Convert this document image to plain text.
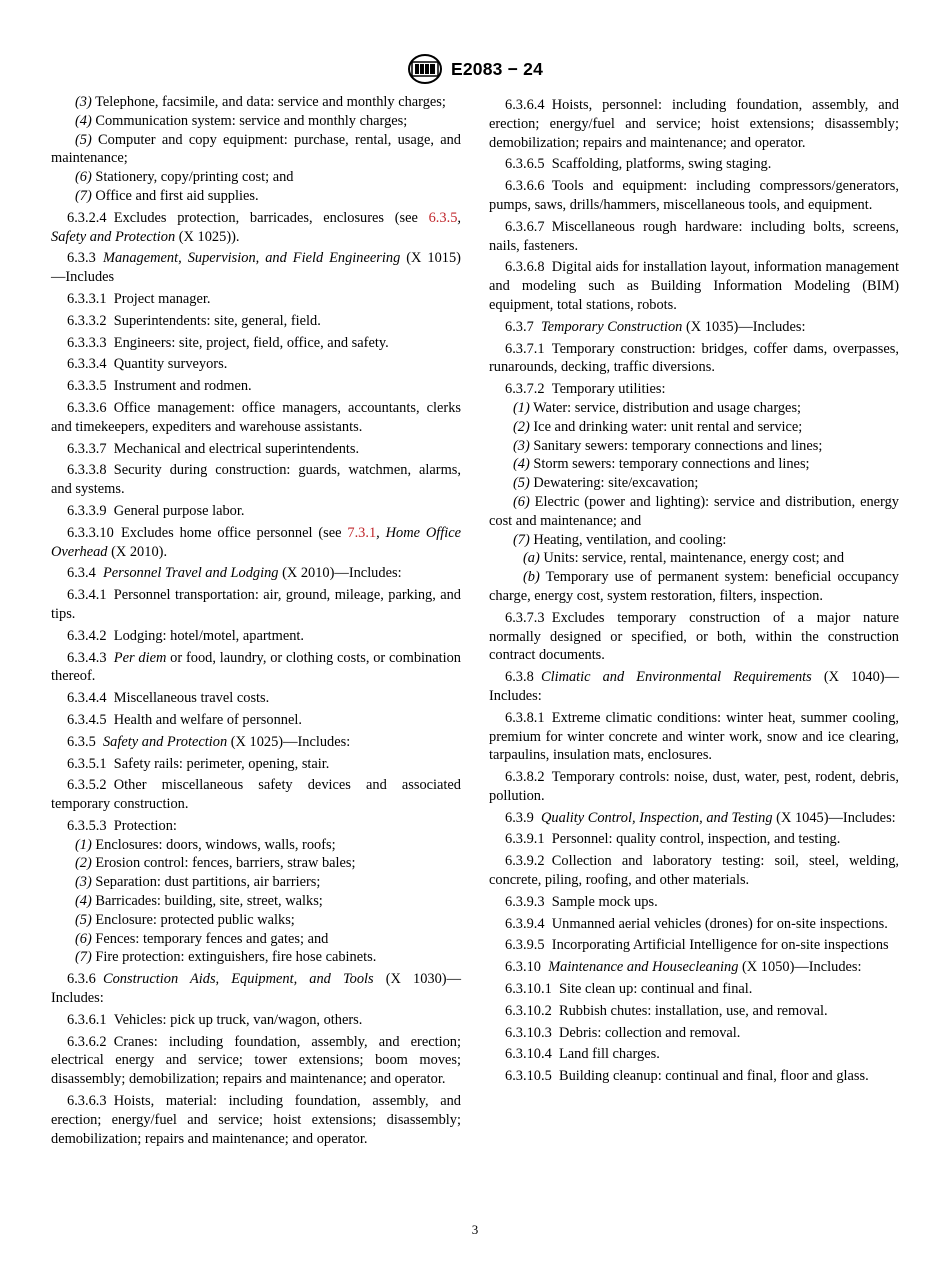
E2083 − 24

(3) Telephone, facsimile, and data: service and monthly charges;

(4) Communication system: service and monthly charges;

(5) Computer and copy equipment: purchase, rental, usage, and maintenance;

(6) Stationery, copy/printing cost; and

(7) Office and first aid supplies.

6.3.2.4  Excludes protection, barricades, enclosures (see 6.3.5, Safety and Protection (X 1025)).

6.3.3  Management, Supervision, and Field Engineering (X 1015)—Includes

6.3.3.1  Project manager.

6.3.3.2  Superintendents: site, general, field.

6.3.3.3  Engineers: site, project, field, office, and safety.

6.3.3.4  Quantity surveyors.

6.3.3.5  Instrument and rodmen.

6.3.3.6  Office management: office managers, accountants, clerks and timekeepers, expediters and warehouse assistants.

6.3.3.7  Mechanical and electrical superintendents.

6.3.3.8  Security during construction: guards, watchmen, alarms, and systems.

6.3.3.9  General purpose labor.

6.3.3.10  Excludes home office personnel (see 7.3.1, Home Office Overhead (X 2010).

6.3.4  Personnel Travel and Lodging (X 2010)—Includes:

6.3.4.1  Personnel transportation: air, ground, mileage, parking, and tips.

6.3.4.2  Lodging: hotel/motel, apartment.

6.3.4.3  Per diem or food, laundry, or clothing costs, or combination thereof.

6.3.4.4  Miscellaneous travel costs.

6.3.4.5  Health and welfare of personnel.

6.3.5  Safety and Protection (X 1025)—Includes:

6.3.5.1  Safety rails: perimeter, opening, stair.

6.3.5.2  Other miscellaneous safety devices and associated temporary construction.

6.3.5.3  Protection:

(1) Enclosures: doors, windows, walls, roofs;

(2) Erosion control: fences, barriers, straw bales;

(3) Separation: dust partitions, air barriers;

(4) Barricades: building, site, street, walks;

(5) Enclosure: protected public walks;

(6) Fences: temporary fences and gates; and

(7) Fire protection: extinguishers, fire hose cabinets.

6.3.6  Construction Aids, Equipment, and Tools (X 1030)—Includes:

6.3.6.1  Vehicles: pick up truck, van/wagon, others.

6.3.6.2  Cranes: including foundation, assembly, and erection; electrical energy and service; tower extensions; boom moves; disassembly; demobilization; repairs and maintenance; and operator.

6.3.6.3  Hoists, material: including foundation, assembly, and erection; energy/fuel and service; hoist extensions; disassembly; demobilization; repairs and maintenance; and operator.

6.3.6.4  Hoists, personnel: including foundation, assembly, and erection; energy/fuel and service; hoist extensions; disassembly; demobilization; repairs and maintenance; and operator.

6.3.6.5  Scaffolding, platforms, swing staging.

6.3.6.6  Tools and equipment: including compressors/generators, pumps, saws, drills/hammers, miscellaneous tools, and equipment.

6.3.6.7  Miscellaneous rough hardware: including bolts, screens, nails, fasteners.

6.3.6.8  Digital aids for installation layout, information management and modeling such as Building Information Modeling (BIM) equipment, total stations, robots.

6.3.7  Temporary Construction (X 1035)—Includes:

6.3.7.1  Temporary construction: bridges, coffer dams, overpasses, runarounds, decking, traffic diversions.

6.3.7.2  Temporary utilities:

(1) Water: service, distribution and usage charges;

(2) Ice and drinking water: unit rental and service;

(3) Sanitary sewers: temporary connections and lines;

(4) Storm sewers: temporary connections and lines;

(5) Dewatering: site/excavation;

(6) Electric (power and lighting): service and distribution, energy cost and maintenance; and

(7) Heating, ventilation, and cooling:

(a) Units: service, rental, maintenance, energy cost; and

(b) Temporary use of permanent system: beneficial occupancy charge, energy cost, system restoration, filters, inspection.

6.3.7.3  Excludes temporary construction of a major nature normally designed or specified, or both, within the construction contract documents.

6.3.8  Climatic and Environmental Requirements (X 1040)—Includes:

6.3.8.1  Extreme climatic conditions: winter heat, summer cooling, premium for winter concrete and winter work, snow and ice clearing, tarpaulins, insulation mats, enclosures.

6.3.8.2  Temporary controls: noise, dust, water, pest, rodent, debris, pollution.

6.3.9  Quality Control, Inspection, and Testing (X 1045)—Includes:

6.3.9.1  Personnel: quality control, inspection, and testing.

6.3.9.2  Collection and laboratory testing: soil, steel, welding, concrete, piling, roofing, and other materials.

6.3.9.3  Sample mock ups.

6.3.9.4  Unmanned aerial vehicles (drones) for on-site inspections.

6.3.9.5  Incorporating Artificial Intelligence for on-site inspections

6.3.10  Maintenance and Housecleaning (X 1050)—Includes:

6.3.10.1  Site clean up: continual and final.

6.3.10.2  Rubbish chutes: installation, use, and removal.

6.3.10.3  Debris: collection and removal.

6.3.10.4  Land fill charges.

6.3.10.5  Building cleanup: continual and final, floor and glass.

3
